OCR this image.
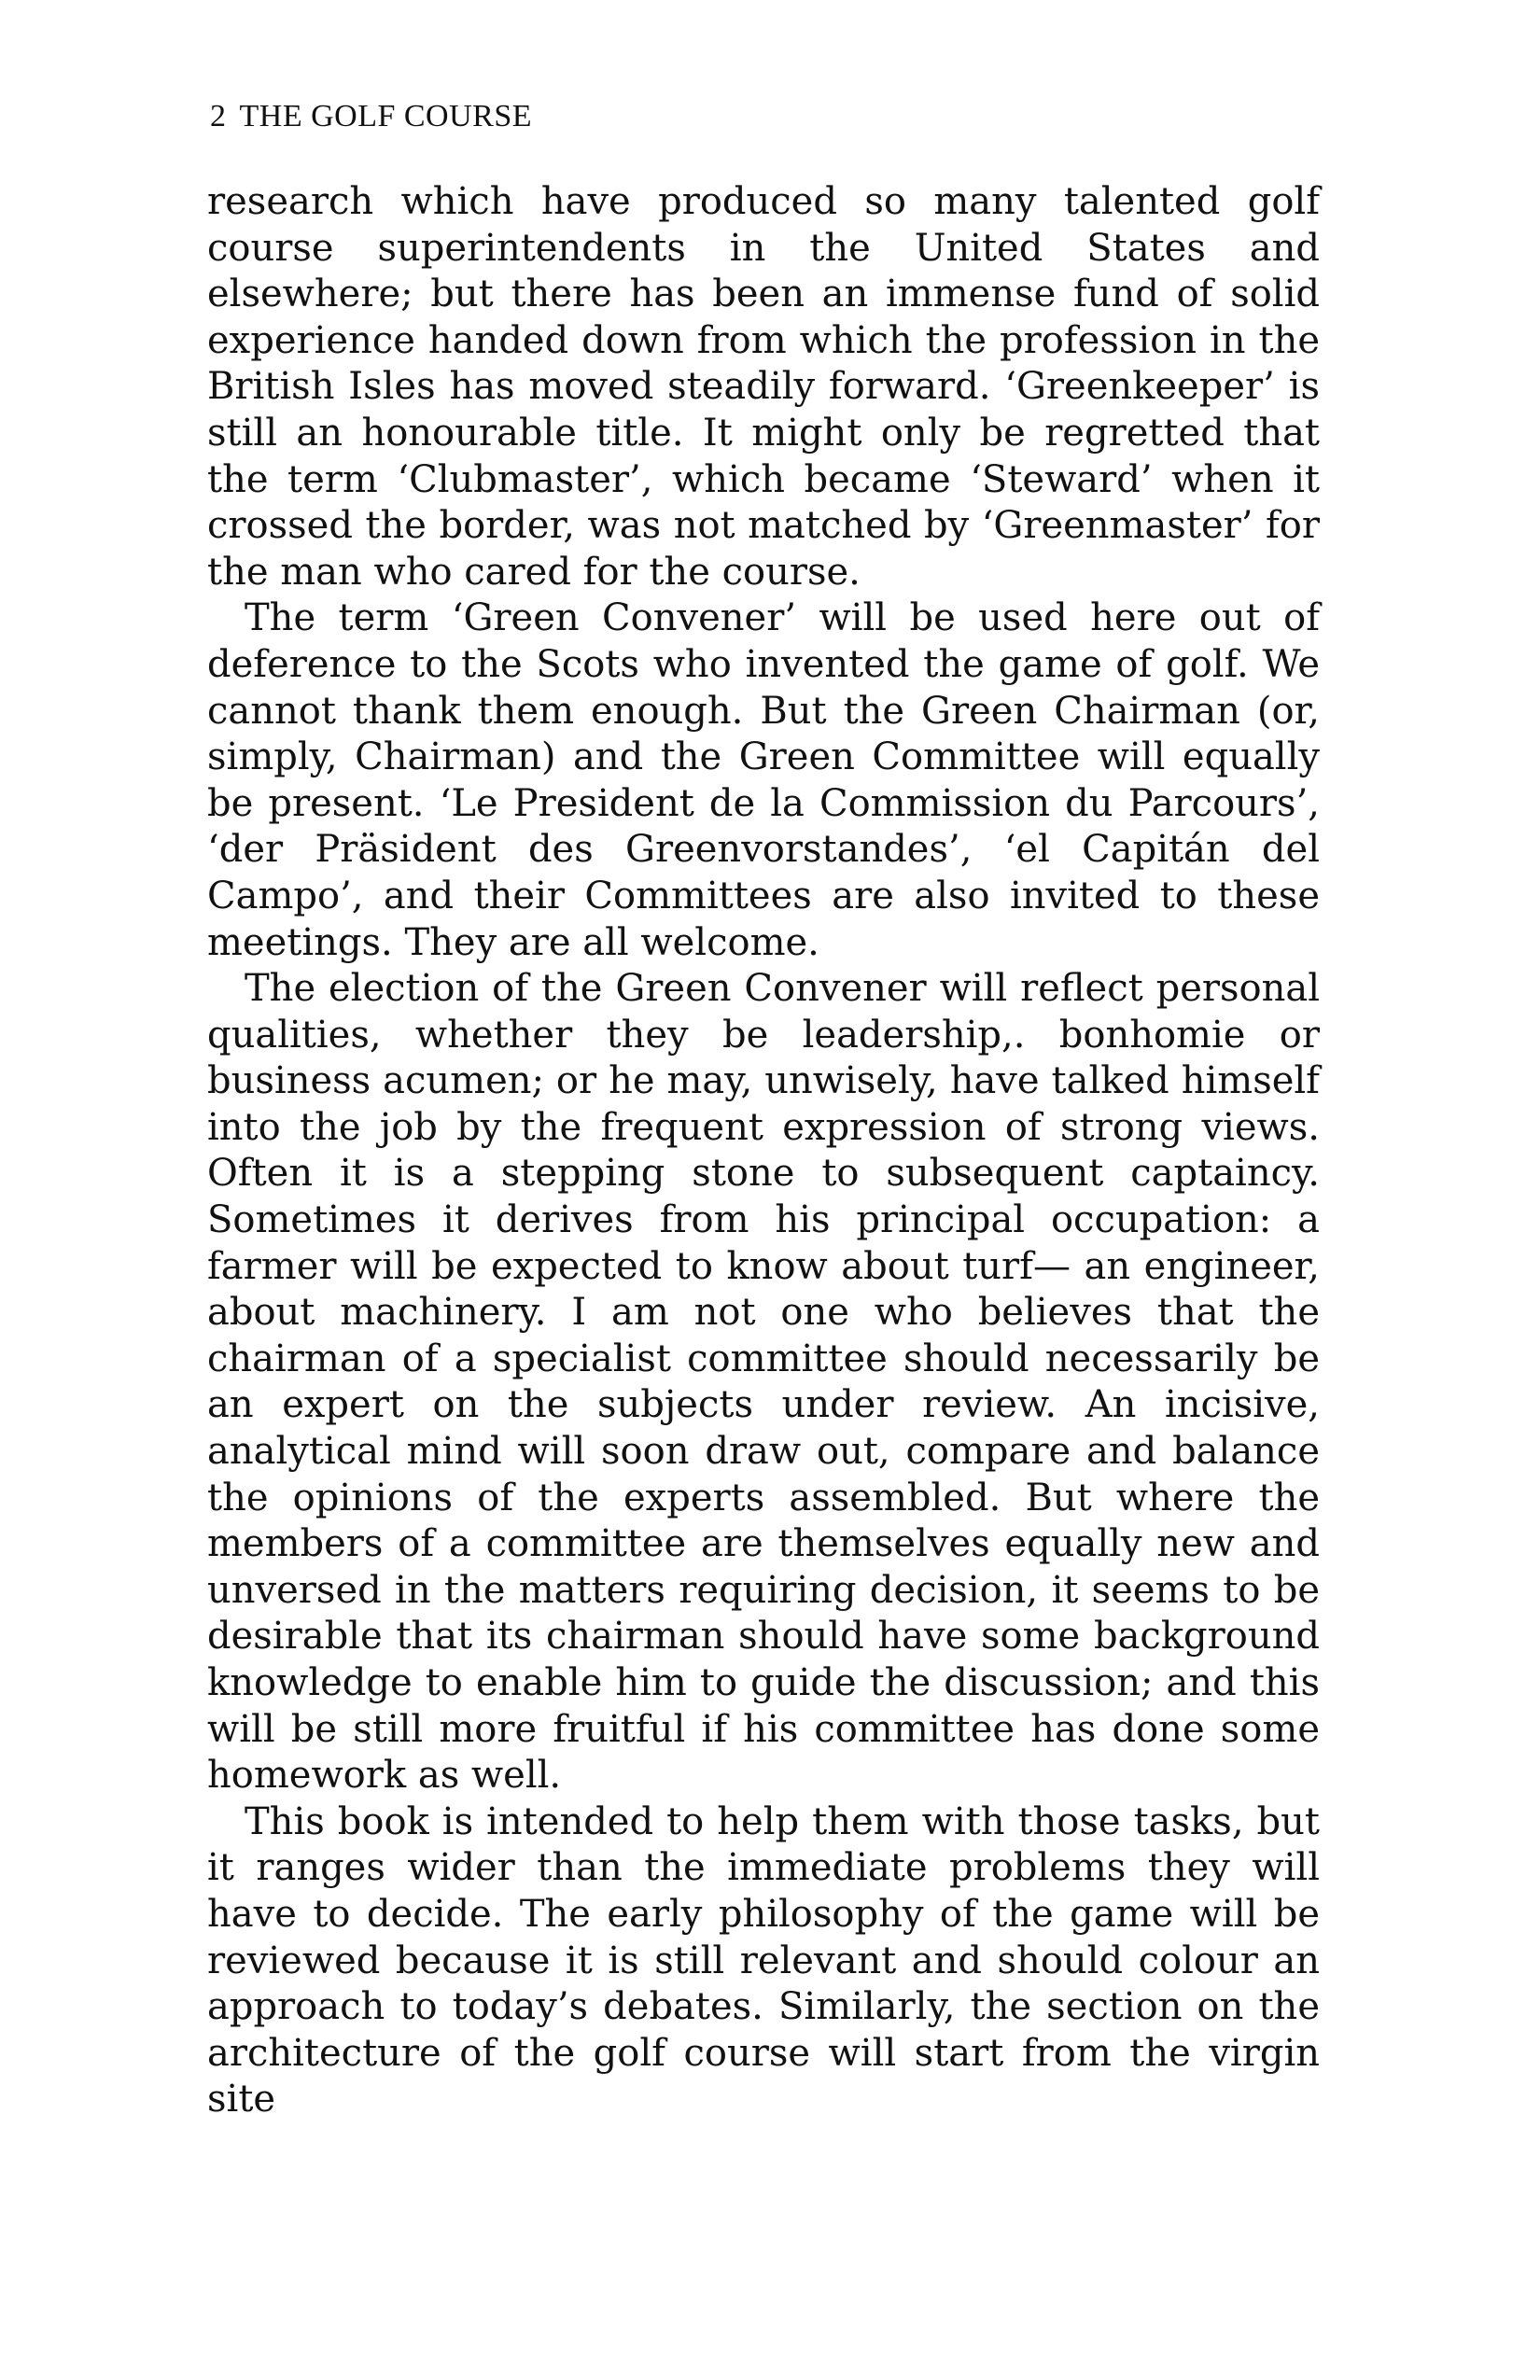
2 THE GOLF COURSE

research which have produced so many talented golf course superintendents in the United States and elsewhere; but there has been an immense fund of solid experience handed down from which the profession in the British Isles has moved steadily forward. ‘Greenkeeper’ is still an honourable title. It might only be regretted that the term ‘Clubmaster’, which became ‘Steward’ when it crossed the border, was not matched by ‘Greenmaster’ for the man who cared for the course.

The term ‘Green Convener’ will be used here out of deference to the Scots who invented the game of golf. We cannot thank them enough. But the Green Chairman (or, simply, Chairman) and the Green Committee will equally be present. ‘Le President de la Commission du Parcours’, ‘der Präsident des Greenvorstandes’, ‘el Capitán del Campo’, and their Committees are also invited to these meetings. They are all welcome.

The election of the Green Convener will reflect personal qualities, whether they be leadership,. bonhomie or business acumen; or he may, unwisely, have talked himself into the job by the frequent expression of strong views. Often it is a stepping stone to subsequent captaincy. Sometimes it derives from his principal occupation: a farmer will be expected to know about turf— an engineer, about machinery. I am not one who believes that the chairman of a specialist committee should necessarily be an expert on the subjects under review. An incisive, analytical mind will soon draw out, compare and balance the opinions of the experts assembled. But where the members of a committee are themselves equally new and unversed in the matters requiring decision, it seems to be desirable that its chairman should have some background knowledge to enable him to guide the discussion; and this will be still more fruitful if his committee has done some homework as well.

This book is intended to help them with those tasks, but it ranges wider than the immediate problems they will have to decide. The early philosophy of the game will be reviewed because it is still relevant and should colour an approach to today’s debates. Similarly, the section on the architecture of the golf course will start from the virgin site
